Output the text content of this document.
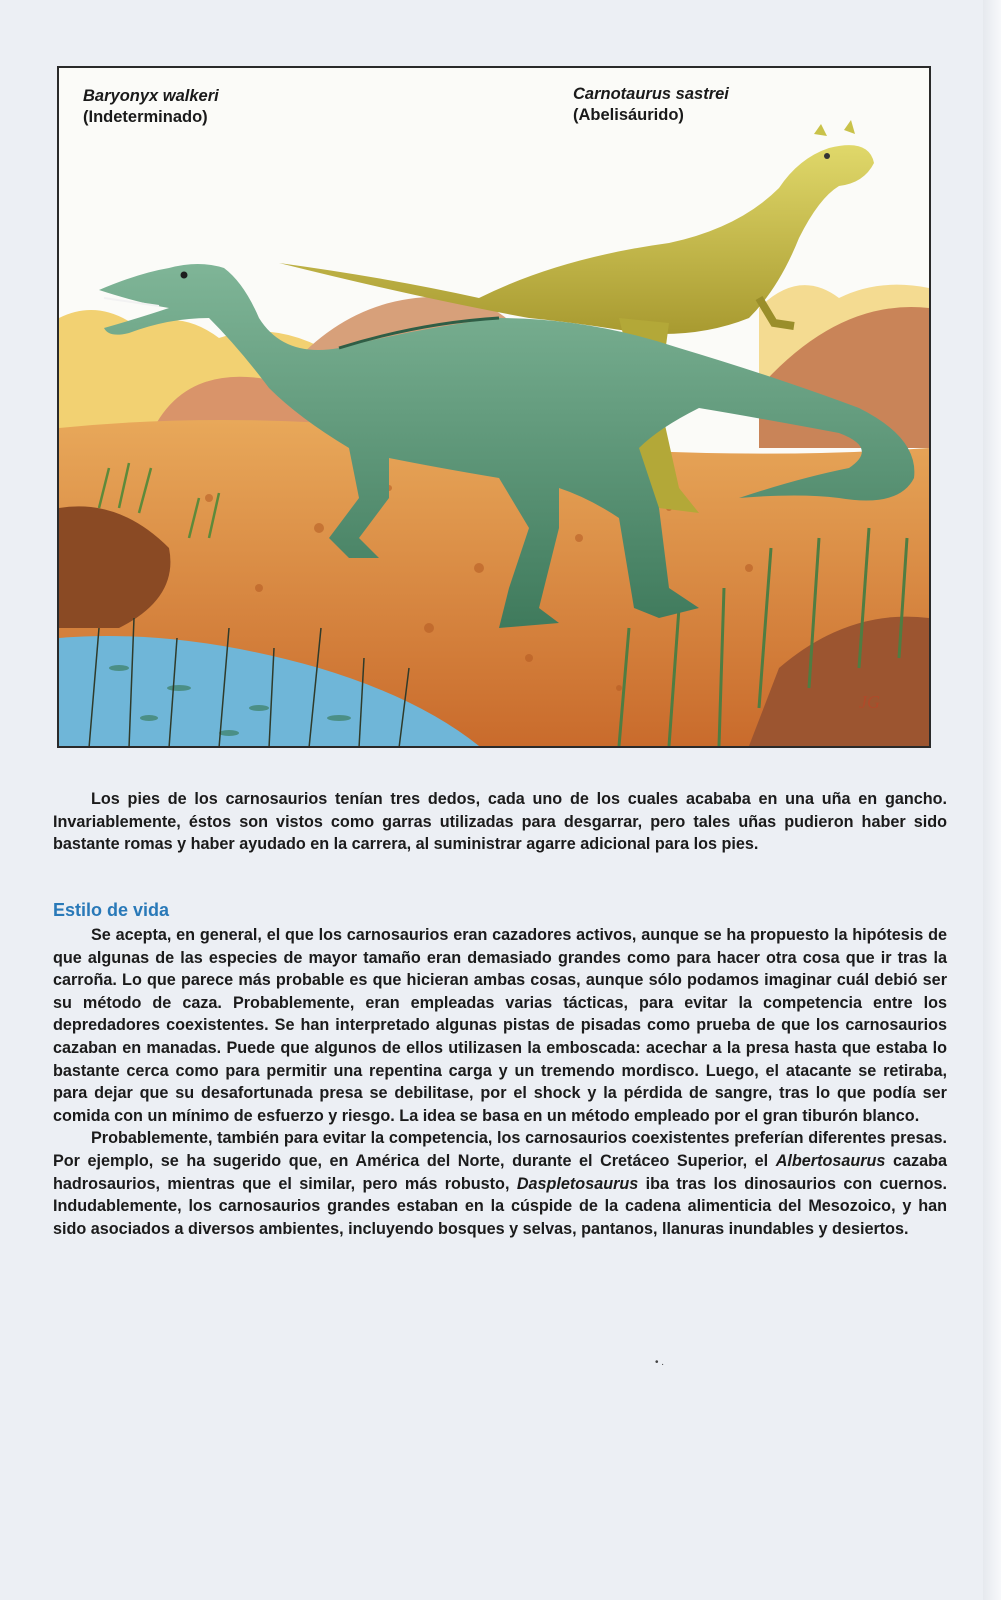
JG
Baryonyx walkeri
(Indeterminado)
Carnotaurus sastrei
(Abelisáurido)

Los pies de los carnosaurios tenían tres dedos, cada uno de los cuales acababa en una uña en gancho. Invariablemente, éstos son vistos como garras utilizadas para desgarrar, pero tales uñas pudieron haber sido bastante romas y haber ayudado en la carrera, al suministrar agarre adicional para los pies.

Estilo de vida

Se acepta, en general, el que los carnosaurios eran cazadores activos, aunque se ha propuesto la hipótesis de que algunas de las especies de mayor tamaño eran demasiado grandes como para hacer otra cosa que ir tras la carroña. Lo que parece más probable es que hicieran ambas cosas, aunque sólo podamos imaginar cuál debió ser su método de caza. Probablemente, eran empleadas varias tácticas, para evitar la competencia entre los depredadores coexistentes. Se han interpretado algunas pistas de pisadas como prueba de que los carnosaurios cazaban en manadas. Puede que algunos de ellos utilizasen la emboscada: acechar a la presa hasta que estaba lo bastante cerca como para permitir una repentina carga y un tremendo mordisco. Luego, el atacante se retiraba, para dejar que su desafortunada presa se debilitase, por el shock y la pérdida de sangre, tras lo que podía ser comida con un mínimo de esfuerzo y riesgo. La idea se basa en un método empleado por el gran tiburón blanco.

Probablemente, también para evitar la competencia, los carnosaurios coexistentes preferían diferentes presas. Por ejemplo, se ha sugerido que, en América del Norte, durante el Cretáceo Superior, el Albertosaurus cazaba hadrosaurios, mientras que el similar, pero más robusto, Daspletosaurus iba tras los dinosaurios con cuernos. Indudablemente, los carnosaurios grandes estaban en la cúspide de la cadena alimenticia del Mesozoico, y han sido asociados a diversos ambientes, incluyendo bosques y selvas, pantanos, llanuras inundables y desiertos.

• .
